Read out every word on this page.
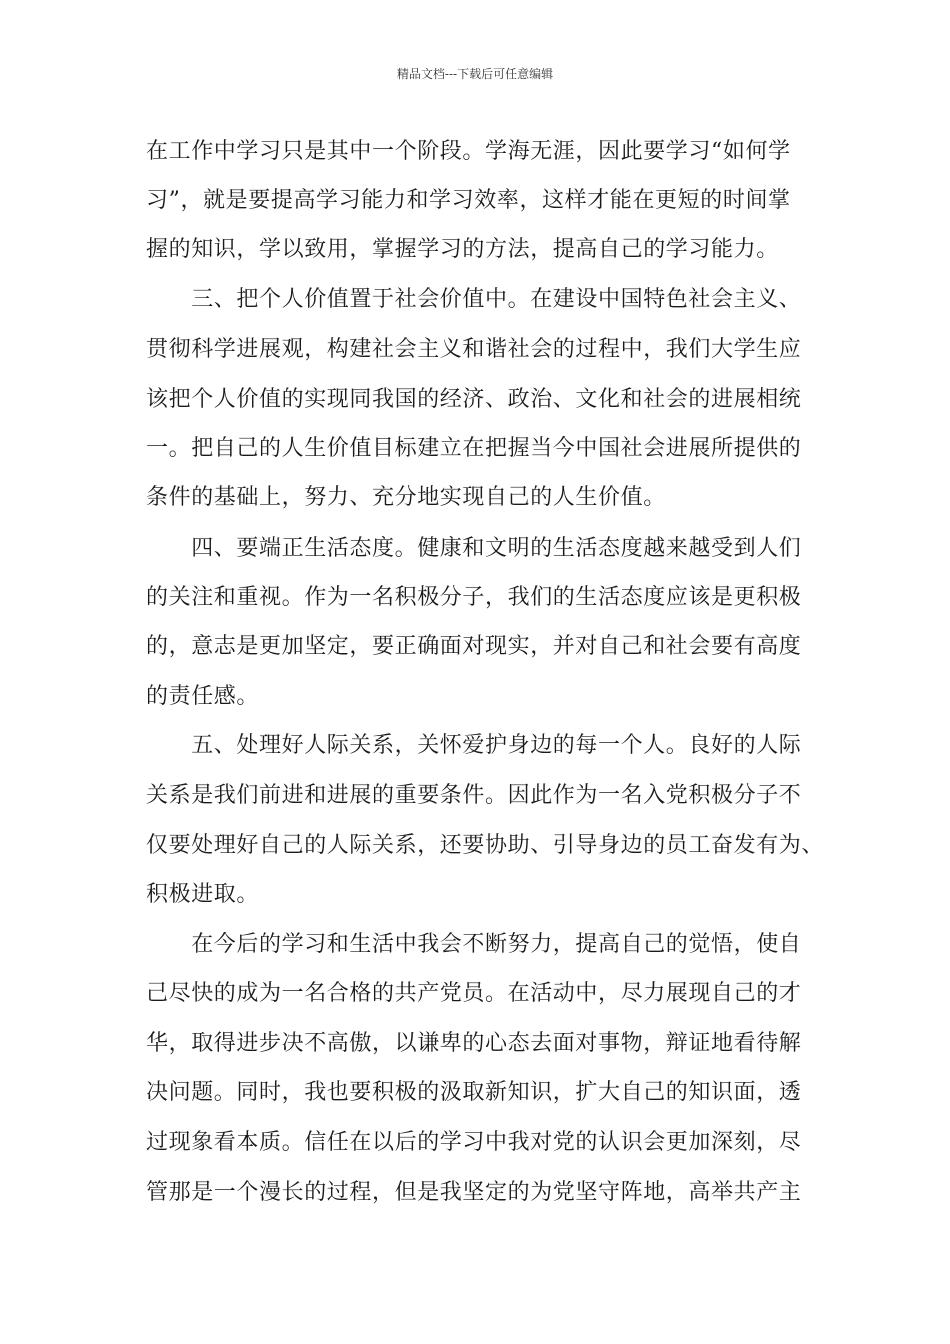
精品文档---下载后可任意编辑
在工作中学习只是其中一个阶段。学海无涯，因此要学习“如何学
习”，就是要提高学习能力和学习效率，这样才能在更短的时间掌
握的知识，学以致用，掌握学习的方法，提高自己的学习能力。
　　三、把个人价值置于社会价值中。在建设中国特色社会主义、
贯彻科学进展观，构建社会主义和谐社会的过程中，我们大学生应
该把个人价值的实现同我国的经济、政治、文化和社会的进展相统
一。把自己的人生价值目标建立在把握当今中国社会进展所提供的
条件的基础上，努力、充分地实现自己的人生价值。
　　四、要端正生活态度。健康和文明的生活态度越来越受到人们
的关注和重视。作为一名积极分子，我们的生活态度应该是更积极
的，意志是更加坚定，要正确面对现实，并对自己和社会要有高度
的责任感。
　　五、处理好人际关系，关怀爱护身边的每一个人。良好的人际
关系是我们前进和进展的重要条件。因此作为一名入党积极分子不
仅要处理好自己的人际关系，还要协助、引导身边的员工奋发有为、
积极进取。
　　在今后的学习和生活中我会不断努力，提高自己的觉悟，使自
己尽快的成为一名合格的共产党员。在活动中，尽力展现自己的才
华，取得进步决不高傲，以谦卑的心态去面对事物，辩证地看待解
决问题。同时，我也要积极的汲取新知识，扩大自己的知识面，透
过现象看本质。信任在以后的学习中我对党的认识会更加深刻，尽
管那是一个漫长的过程，但是我坚定的为党坚守阵地，高举共产主
